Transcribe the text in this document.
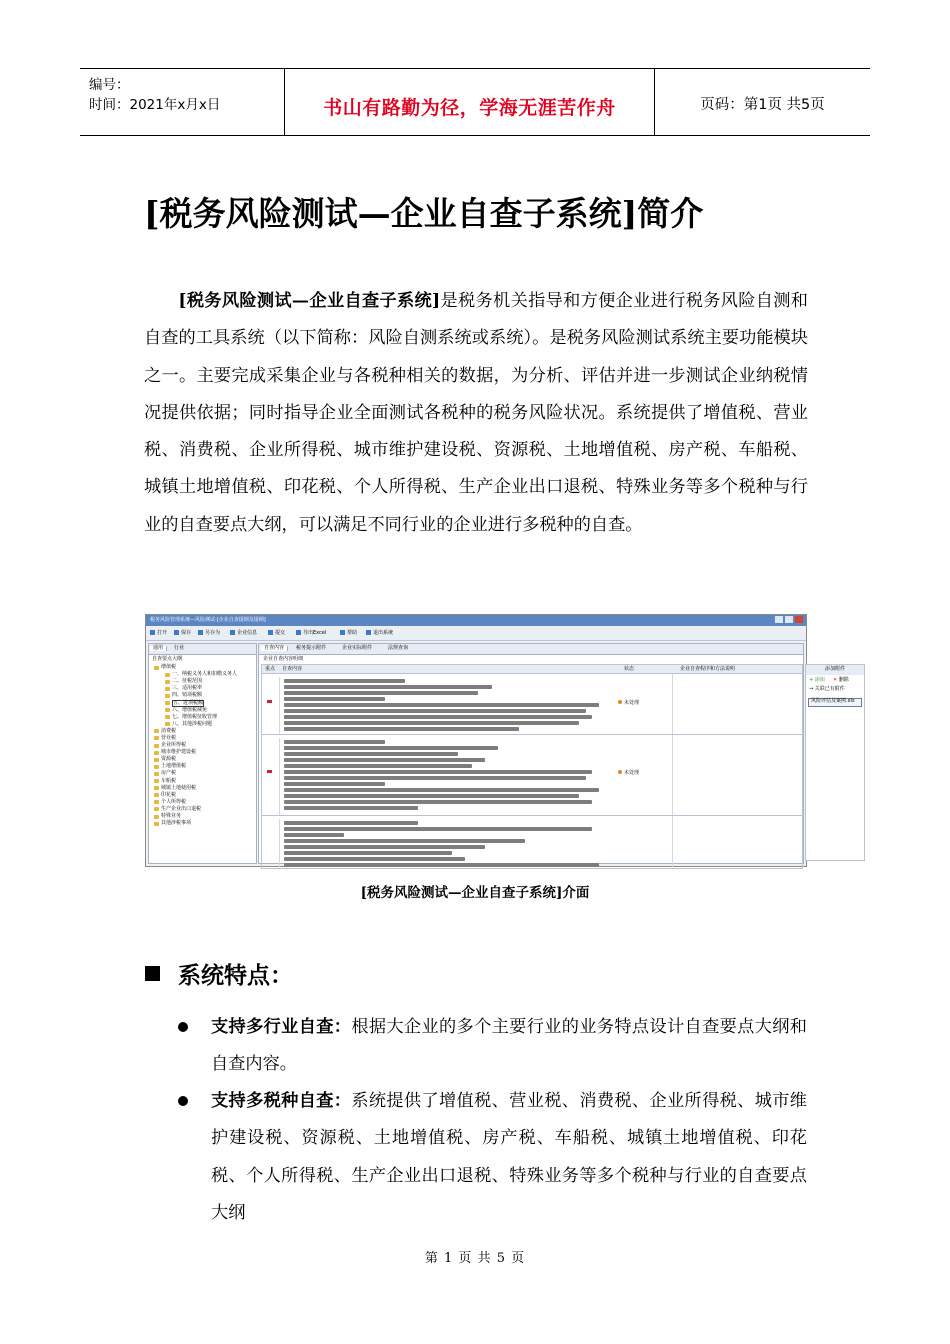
编号：
时间：2021年x月x日	书山有路勤为径，学海无涯苦作舟	页码：第1页 共5页
[税务风险测试—企业自查子系统]简介
  [税务风险测试—企业自查子系统]是税务机关指导和方便企业进行税务风险自测和自查的工具系统（以下简称：风险自测系统或系统）。是税务风险测试系统主要功能模块之一。主要完成采集企业与各税种相关的数据，为分析、评估并进一步测试企业纳税情况提供依据；同时指导企业全面测试各税种的税务风险状况。系统提供了增值税、营业税、消费税、企业所得税、城市维护建设税、资源税、土地增值税、房产税、车船税、城镇土地增值税、印花税、个人所得税、生产企业出口退税、特殊业务等多个税种与行业的自查要点大纲，可以满足不同行业的企业进行多税种的自查。
税务风险管理系统—风险测试-[企业自查提纲及提纲]
打开	保存	另存为	企业信息	提交	导出Excel	帮助	退出系统
通用	行业
自查要点大纲
增值税
一、纳税义务人和扣缴义务人
二、征税范围
三、适用税率
四、销项税额
五、进项税额
六、增值税减免
七、增值税征收管理
八、其他涉税问题
消费税
营业税
企业所得税
城市维护建设税
资源税
土地增值税
房产税
车船税
城镇土地使用税
印花税
个人所得税
生产企业出口退税
特殊业务
其他涉税事项
自查内容	税务提示附件	企业实际附件	法规查询
企业自查内容明细
重点 自查内容	状态	企业自查程序和方法说明
未处理
未处理
添加附件
+ 添加 ✕ 删除
→ 关联已有附件
风险评估及案例.xls
[税务风险测试—企业自查子系统]介面
系统特点：
支持多行业自查：根据大企业的多个主要行业的业务特点设计自查要点大纲和自查内容。
支持多税种自查：系统提供了增值税、营业税、消费税、企业所得税、城市维护建设税、资源税、土地增值税、房产税、车船税、城镇土地增值税、印花税、个人所得税、生产企业出口退税、特殊业务等多个税种与行业的自查要点大纲
第 1 页 共 5 页
